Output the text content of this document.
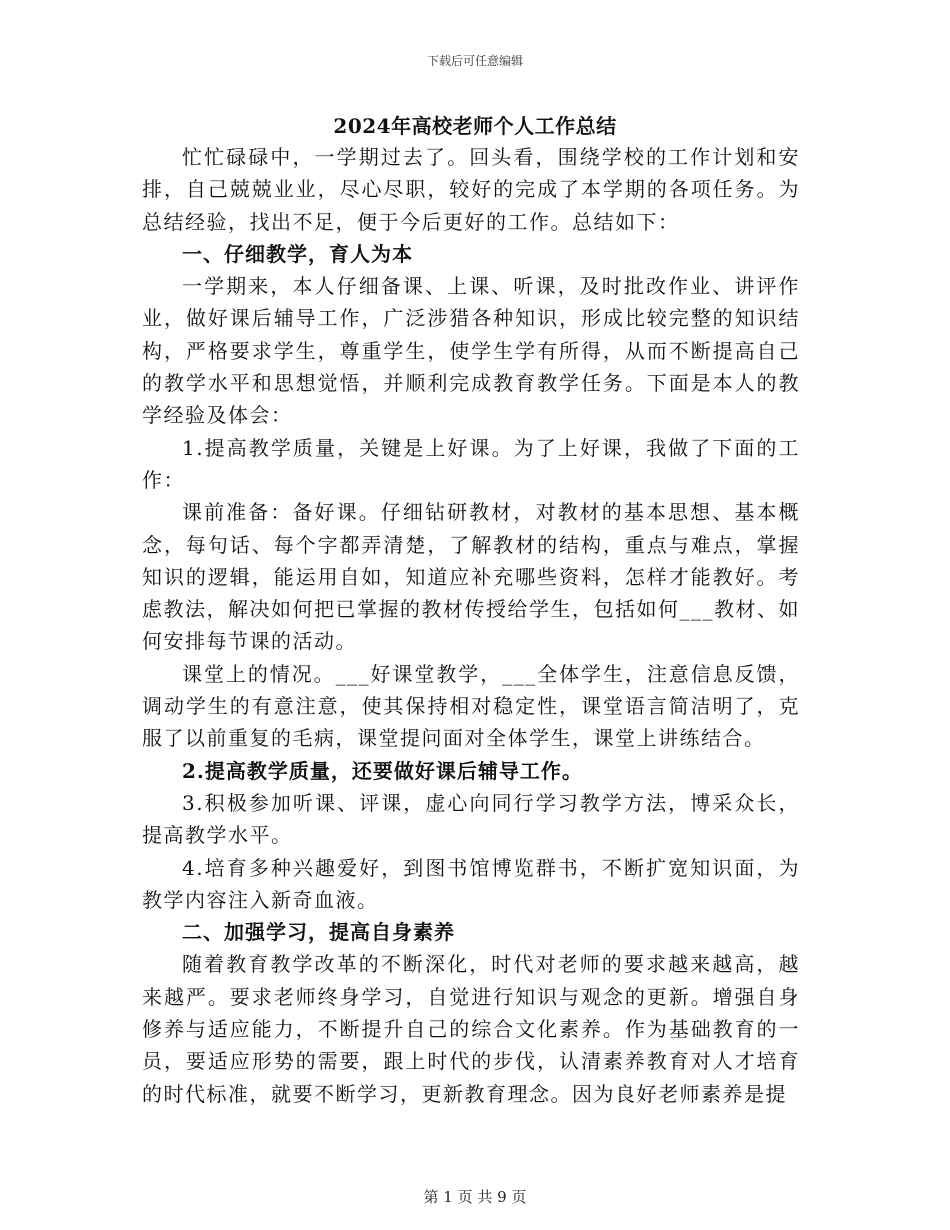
下载后可任意编辑
2024年高校老师个人工作总结

忙忙碌碌中，一学期过去了。回头看，围绕学校的工作计划和安排，自己兢兢业业，尽心尽职，较好的完成了本学期的各项任务。为总结经验，找出不足，便于今后更好的工作。总结如下：

一、仔细教学，育人为本

一学期来，本人仔细备课、上课、听课，及时批改作业、讲评作业，做好课后辅导工作，广泛涉猎各种知识，形成比较完整的知识结构，严格要求学生，尊重学生，使学生学有所得，从而不断提高自己的教学水平和思想觉悟，并顺利完成教育教学任务。下面是本人的教学经验及体会：

1.提高教学质量，关键是上好课。为了上好课，我做了下面的工作：

课前准备：备好课。仔细钻研教材，对教材的基本思想、基本概念，每句话、每个字都弄清楚，了解教材的结构，重点与难点，掌握知识的逻辑，能运用自如，知道应补充哪些资料，怎样才能教好。考虑教法，解决如何把已掌握的教材传授给学生，包括如何___教材、如何安排每节课的活动。

课堂上的情况。___好课堂教学，___全体学生，注意信息反馈，调动学生的有意注意，使其保持相对稳定性，课堂语言简洁明了，克服了以前重复的毛病，课堂提问面对全体学生，课堂上讲练结合。

2.提高教学质量，还要做好课后辅导工作。

3.积极参加听课、评课，虚心向同行学习教学方法，博采众长，提高教学水平。

4.培育多种兴趣爱好，到图书馆博览群书，不断扩宽知识面，为教学内容注入新奇血液。

二、加强学习，提高自身素养

随着教育教学改革的不断深化，时代对老师的要求越来越高，越来越严。要求老师终身学习，自觉进行知识与观念的更新。增强自身修养与适应能力，不断提升自己的综合文化素养。作为基础教育的一员，要适应形势的需要，跟上时代的步伐，认清素养教育对人才培育的时代标准，就要不断学习，更新教育理念。因为良好老师素养是提

第 1 页 共 9 页
